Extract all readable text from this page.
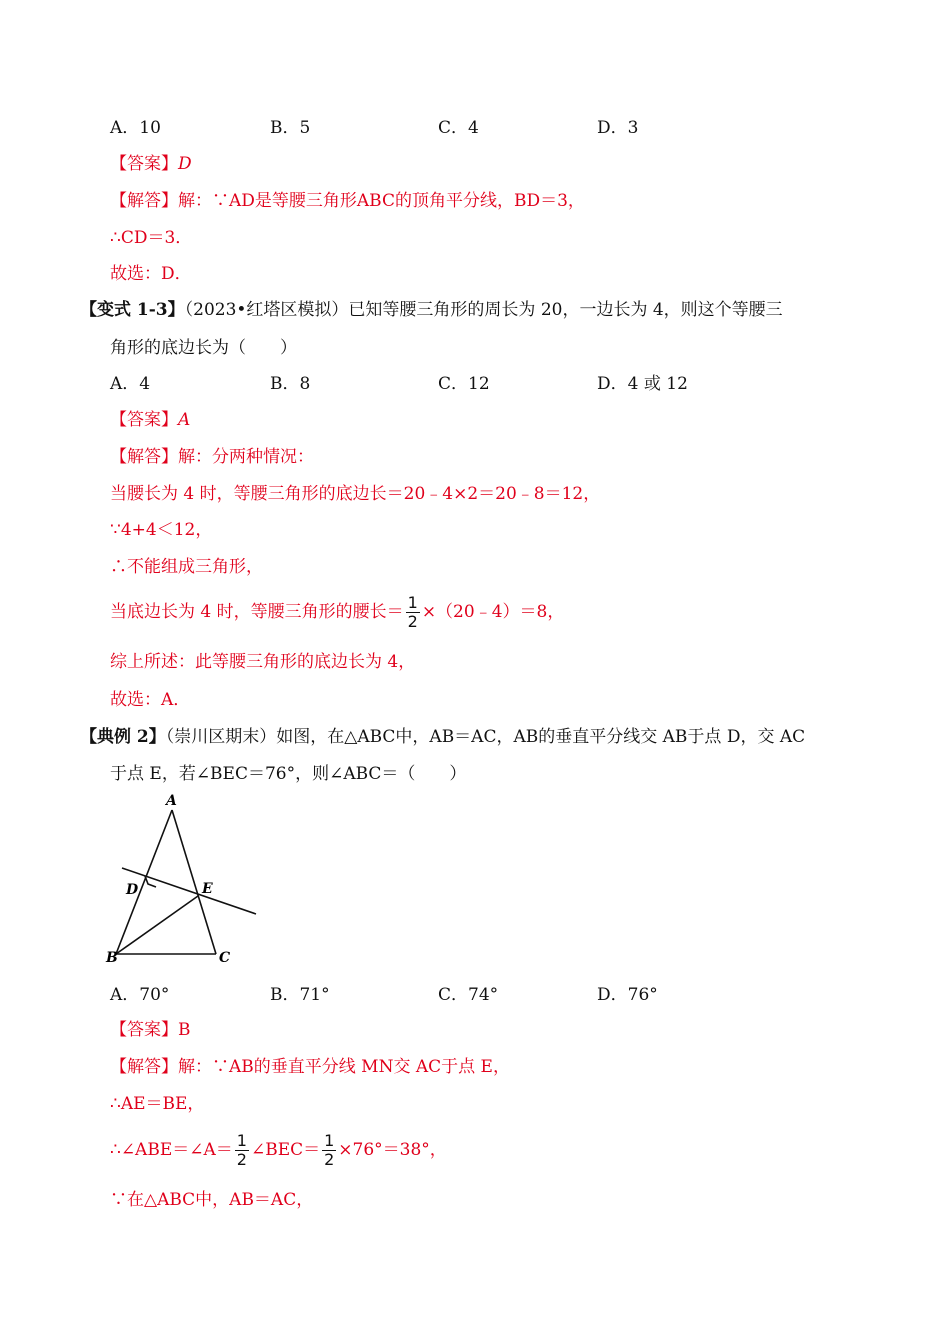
A．10	B．5	C．4	D．3
【答案】D
【解答】解：∵AD是等腰三角形ABC的顶角平分线，BD＝3，
∴CD＝3．
故选：D．
【变式 1-3】（2023•红塔区模拟）已知等腰三角形的周长为 20，一边长为 4，则这个等腰三
角形的底边长为（　　）
A．4	B．8	C．12	D．4 或 12
【答案】A
【解答】解：分两种情况：
当腰长为 4 时，等腰三角形的底边长＝20﹣4×2＝20﹣8＝12，
∵4+4＜12，
∴不能组成三角形，
当底边长为 4 时，等腰三角形的腰长＝ $\frac{1}{2}$ ×（20﹣4）＝8，
综上所述：此等腰三角形的底边长为 4，
故选：A．
【典例 2】（崇川区期末）如图，在△ABC中，AB＝AC，AB的垂直平分线交 AB于点 D，交 AC
于点 E，若∠BEC＝76°，则∠ABC＝（　　）
A
D	E
B	C
A．70°	B．71°	C．74°	D．76°
【答案】B
【解答】解：∵AB的垂直平分线 MN交 AC于点 E，
∴AE＝BE，
∴∠ABE＝∠A＝ $\frac{1}{2}$ ∠BEC＝ $\frac{1}{2} \times 76^\circ=38^\circ$，
∵在△ABC中，AB＝AC，
